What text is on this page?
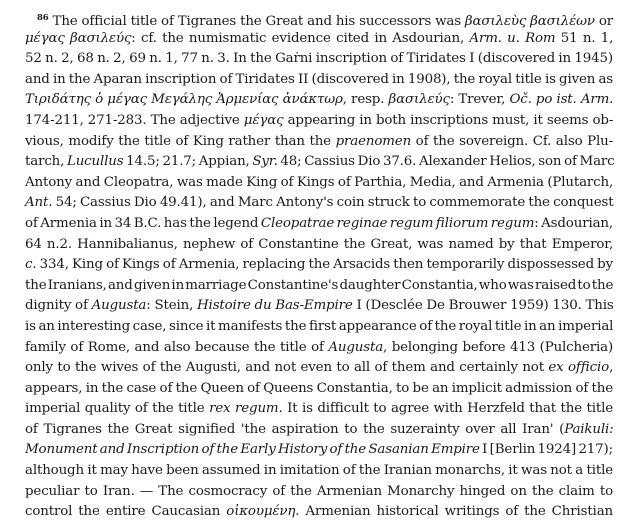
$^{86}$ The official title of Tigranes the Great and his successors was βασιλεὺς βασιλέων or
μέγας βασιλεύς: cf. the numismatic evidence cited in Asdourian, Arm. u. Rom 51 n. 1,
52 n. 2, 68 n. 2, 69 n. 1, 77 n. 3. In the Gaṙni inscription of Tiridates I (discovered in 1945)
and in the Aparan inscription of Tiridates II (discovered in 1908), the royal title is given as
Τιριδάτης ὁ μέγας Μεγάλης Ἀρμενίας ἀνάκτωρ, resp. βασιλεύς: Trever, Oč. po ist. Arm.
174-211, 271-283. The adjective μέγας appearing in both inscriptions must, it seems ob-
vious, modify the title of King rather than the praenomen of the sovereign. Cf. also Plu-
tarch, Lucullus 14.5; 21.7; Appian, Syr. 48; Cassius Dio 37.6. Alexander Helios, son of Marc
Antony and Cleopatra, was made King of Kings of Parthia, Media, and Armenia (Plutarch,
Ant. 54; Cassius Dio 49.41), and Marc Antony's coin struck to commemorate the conquest
of Armenia in 34 B.C. has the legend Cleopatrae reginae regum filiorum regum: Asdourian,
64 n.2. Hannibalianus, nephew of Constantine the Great, was named by that Emperor,
c. 334, King of Kings of Armenia, replacing the Arsacids then temporarily dispossessed by
the Iranians, and given in marriage Constantine's daughter Constantia, who was raised to the
dignity of Augusta: Stein, Histoire du Bas-Empire I (Desclée De Brouwer 1959) 130. This
is an interesting case, since it manifests the first appearance of the royal title in an imperial
family of Rome, and also because the title of Augusta, belonging before 413 (Pulcheria)
only to the wives of the Augusti, and not even to all of them and certainly not ex officio,
appears, in the case of the Queen of Queens Constantia, to be an implicit admission of the
imperial quality of the title rex regum. It is difficult to agree with Herzfeld that the title
of Tigranes the Great signified 'the aspiration to the suzerainty over all Iran' (Paikuli:
Monument and Inscription of the Early History of the Sasanian Empire I [Berlin 1924] 217);
although it may have been assumed in imitation of the Iranian monarchs, it was not a title
peculiar to Iran. — The cosmocracy of the Armenian Monarchy hinged on the claim to
control the entire Caucasian οἰκουμένη. Armenian historical writings of the Christian
